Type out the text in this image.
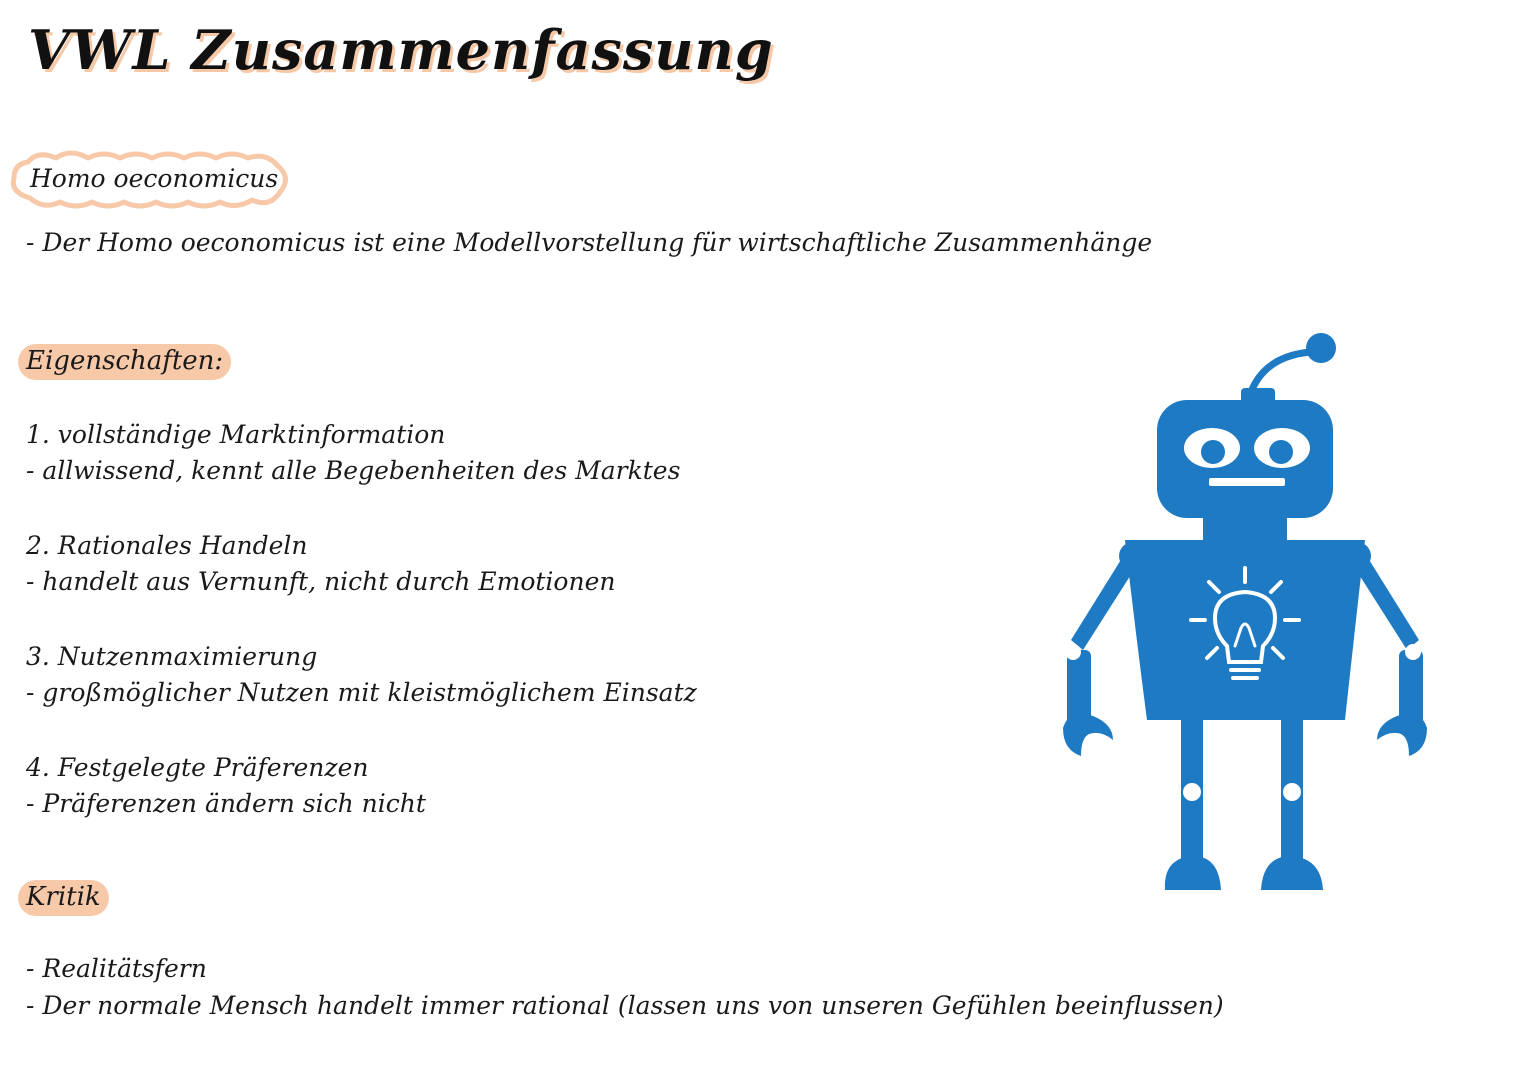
VWL Zusammenfassung
Homo oeconomicus
- Der Homo oeconomicus ist eine Modellvorstellung für wirtschaftliche Zusammenhänge
Eigenschaften:
1. vollständige Marktinformation
- allwissend, kennt alle Begebenheiten des Marktes
2. Rationales Handeln
- handelt aus Vernunft, nicht durch Emotionen
3. Nutzenmaximierung
- großmöglicher Nutzen mit kleistmöglichem Einsatz
4. Festgelegte Präferenzen
- Präferenzen ändern sich nicht
Kritik
- Realitätsfern
- Der normale Mensch handelt immer rational (lassen uns von unseren Gefühlen beeinflussen)
